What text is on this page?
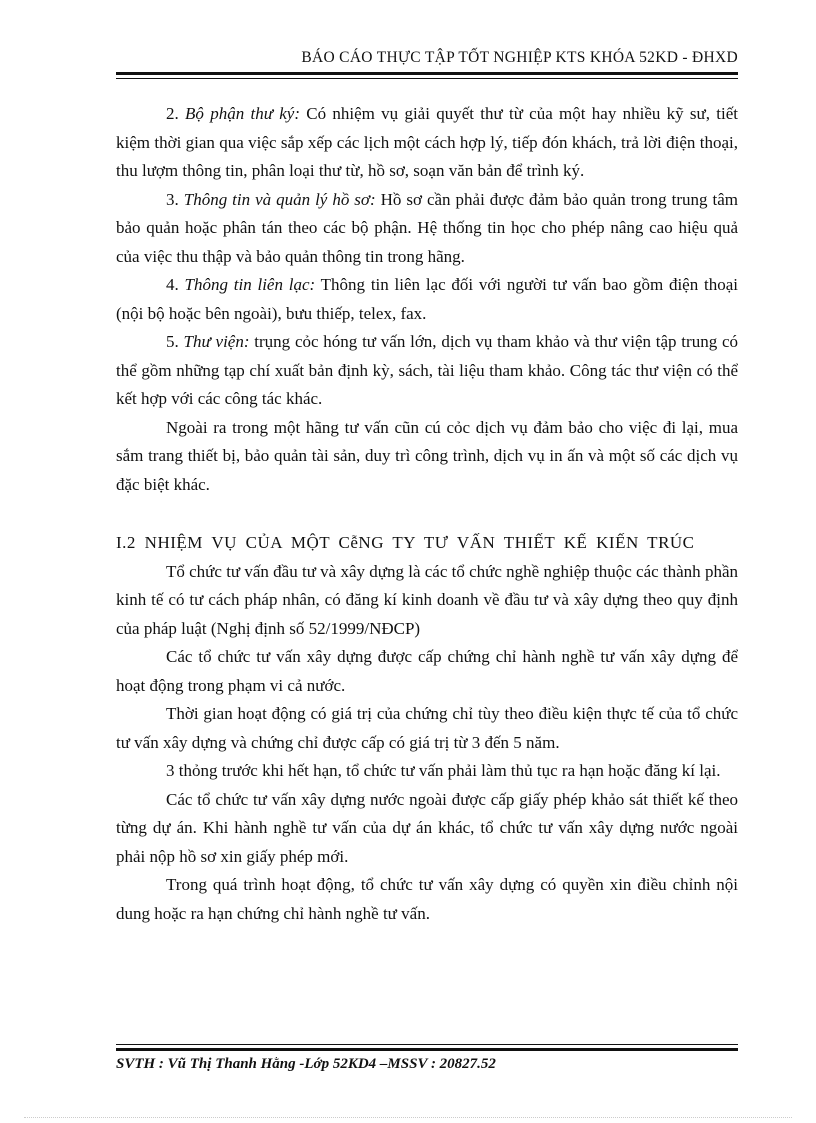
BÁO CÁO THỰC TẬP TỐT NGHIỆP KTS KHÓA 52KD - ĐHXD

2. Bộ phận thư ký: Có nhiệm vụ giải quyết thư từ của một hay nhiều kỹ sư, tiết kiệm thời gian qua việc sắp xếp các lịch một cách hợp lý, tiếp đón khách, trả lời điện thoại, thu lượm thông tin, phân loại thư từ, hồ sơ, soạn văn bản để trình ký.

3. Thông tin và quản lý hồ sơ: Hồ sơ cần phải được đảm bảo quản trong trung tâm bảo quản hoặc phân tán theo các bộ phận. Hệ thống tin học cho phép nâng cao hiệu quả của việc thu thập và bảo quản thông tin trong hãng.

4. Thông tin liên lạc: Thông tin liên lạc đối với người tư vấn bao gồm điện thoại (nội bộ hoặc bên ngoài), bưu thiếp, telex, fax.

5. Thư viện: trụng cỏc hóng tư vấn lớn, dịch vụ tham khảo và thư viện tập trung có thể gồm những tạp chí xuất bản định kỳ, sách, tài liệu tham khảo. Công tác thư viện có thể kết hợp với các công tác khác.

Ngoài ra trong một hãng tư vấn cũn cú cỏc dịch vụ đảm bảo cho việc đi lại, mua sắm trang thiết bị, bảo quản tài sản, duy trì công trình, dịch vụ in ấn và một số các dịch vụ đặc biệt khác.

I.2 NHIỆM VỤ CỦA MỘT CễNG TY TƯ VẤN THIẾT KẾ KIẾN TRÚC

Tổ chức tư vấn đầu tư và xây dựng là các tổ chức nghề nghiệp thuộc các thành phần kinh tế có tư cách pháp nhân, có đăng kí kinh doanh về đầu tư và xây dựng theo quy định của pháp luật (Nghị định số 52/1999/NĐCP)

Các tổ chức tư vấn xây dựng được cấp chứng chỉ hành nghề tư vấn xây dựng để hoạt động trong phạm vi cả nước.

Thời gian hoạt động có giá trị của chứng chỉ tùy theo điều kiện thực tế của tổ chức tư vấn xây dựng và chứng chỉ được cấp có giá trị từ 3 đến 5 năm.

3 thỏng trước khi hết hạn, tổ chức tư vấn phải làm thủ tục ra hạn hoặc đăng kí lại.

Các tổ chức tư vấn xây dựng nước ngoài được cấp giấy phép khảo sát thiết kế theo từng dự án. Khi hành nghề tư vấn của dự án khác, tổ chức tư vấn xây dựng nước ngoài phải nộp hồ sơ xin giấy phép mới.

Trong quá trình hoạt động, tổ chức tư vấn xây dựng có quyền xin điều chỉnh nội dung hoặc ra hạn chứng chỉ hành nghề tư vấn.

SVTH : Vũ Thị Thanh Hằng -Lớp 52KD4 –MSSV : 20827.52
